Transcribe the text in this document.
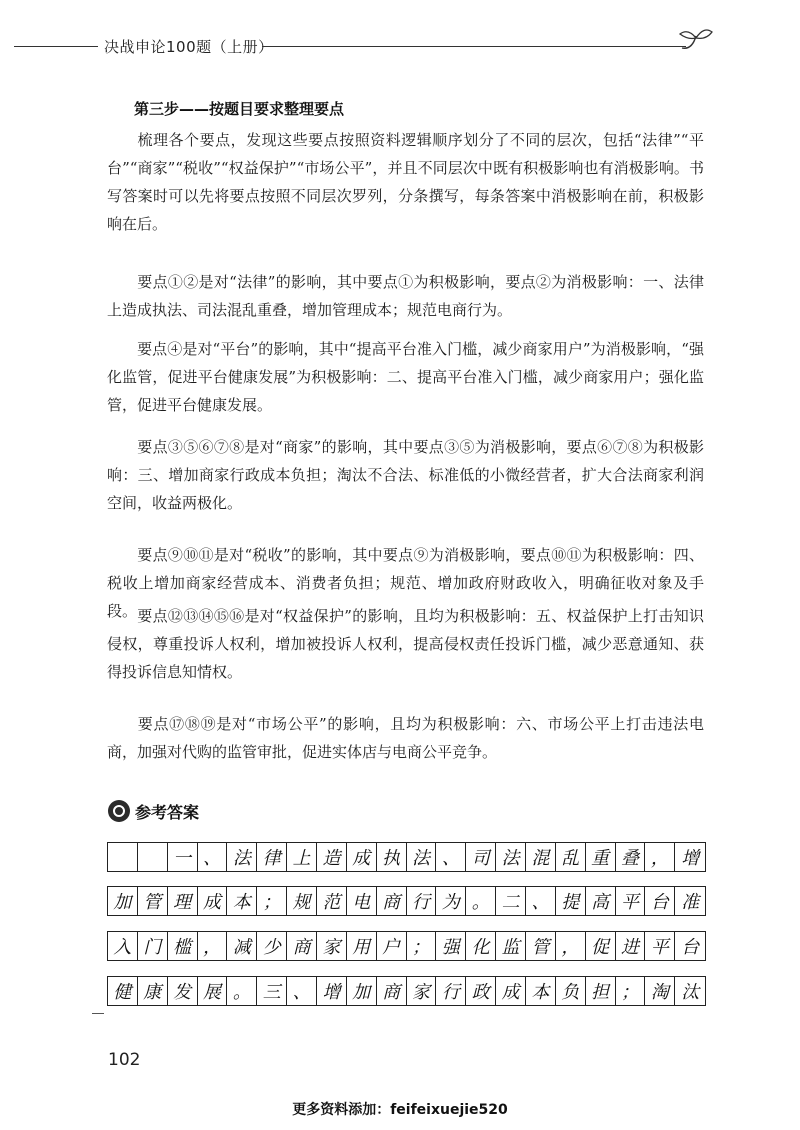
决战申论100题（上册）
第三步——按题目要求整理要点

梳理各个要点，发现这些要点按照资料逻辑顺序划分了不同的层次，包括“法律”“平台”“商家”“税收”“权益保护”“市场公平”，并且不同层次中既有积极影响也有消极影响。书写答案时可以先将要点按照不同层次罗列，分条撰写，每条答案中消极影响在前，积极影响在后。

要点①②是对“法律”的影响，其中要点①为积极影响，要点②为消极影响：一、法律上造成执法、司法混乱重叠，增加管理成本；规范电商行为。

要点④是对“平台”的影响，其中“提高平台准入门槛，减少商家用户”为消极影响，“强化监管，促进平台健康发展”为积极影响：二、提高平台准入门槛，减少商家用户；强化监管，促进平台健康发展。

要点③⑤⑥⑦⑧是对“商家”的影响，其中要点③⑤为消极影响，要点⑥⑦⑧为积极影响：三、增加商家行政成本负担；淘汰不合法、标准低的小微经营者，扩大合法商家利润空间，收益两极化。

要点⑨⑩⑪是对“税收”的影响，其中要点⑨为消极影响，要点⑩⑪为积极影响：四、税收上增加商家经营成本、消费者负担；规范、增加政府财政收入，明确征收对象及手段。 要点⑫⑬⑭⑮⑯是对“权益保护”的影响，且均为积极影响：五、权益保护上打击知识侵权，尊重投诉人权利，增加被投诉人权利，提高侵权责任投诉门槛，减少恶意通知、获得投诉信息知情权。

要点⑰⑱⑲是对“市场公平”的影响，且均为积极影响：六、市场公平上打击违法电商，加强对代购的监管审批，促进实体店与电商公平竞争。

参考答案
一 、 法 律 上 造 成 执 法 、 司 法 混 乱 重 叠 ， 增
加 管 理 成 本 ； 规 范 电 商 行 为 。 二 、 提 高 平 台 准
入 门 槛 ， 减 少 商 家 用 户 ； 强 化 监 管 ， 促 进 平 台
健 康 发 展 。 三 、 增 加 商 家 行 政 成 本 负 担 ； 淘 汰
102
更多资料添加：feifeixuejie520
